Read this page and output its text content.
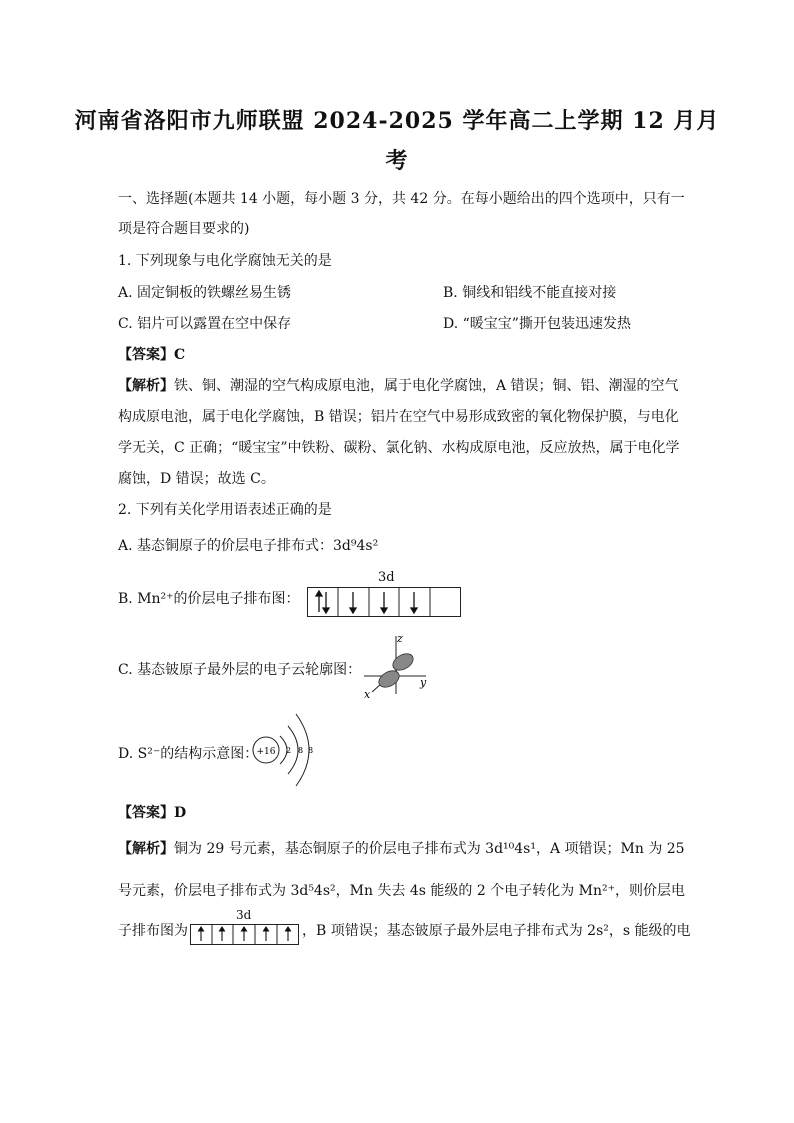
河南省洛阳市九师联盟 2024-2025 学年高二上学期 12 月月
考
一、选择题(本题共 14 小题，每小题 3 分，共 42 分。在每小题给出的四个选项中，只有一
项是符合题目要求的)
1. 下列现象与电化学腐蚀无关的是
A. 固定铜板的铁螺丝易生锈	B. 铜线和铝线不能直接对接
C. 铝片可以露置在空中保存	D. “暖宝宝”撕开包装迅速发热
【答案】C
【解析】铁、铜、潮湿的空气构成原电池，属于电化学腐蚀，A 错误；铜、铝、潮湿的空气
构成原电池，属于电化学腐蚀，B 错误；铝片在空气中易形成致密的氧化物保护膜，与电化
学无关，C 正确；“暖宝宝”中铁粉、碳粉、氯化钠、水构成原电池，反应放热，属于电化学
腐蚀，D 错误；故选 C。
2. 下列有关化学用语表述正确的是
A. 基态铜原子的价层电子排布式：3d⁹4s²
B. Mn²⁺的价层电子排布图：
3d
C. 基态铍原子最外层的电子云轮廓图：
z
y
x
D. S²⁻的结构示意图：
+16 2 8 8
【答案】D
【解析】铜为 29 号元素，基态铜原子的价层电子排布式为 3d¹⁰4s¹，A 项错误；Mn 为 25
号元素，价层电子排布式为 3d⁵4s²，Mn 失去 4s 能级的 2 个电子转化为 Mn²⁺，则价层电
子排布图为
3d
，B 项错误；基态铍原子最外层电子排布式为 2s²，s 能级的电
